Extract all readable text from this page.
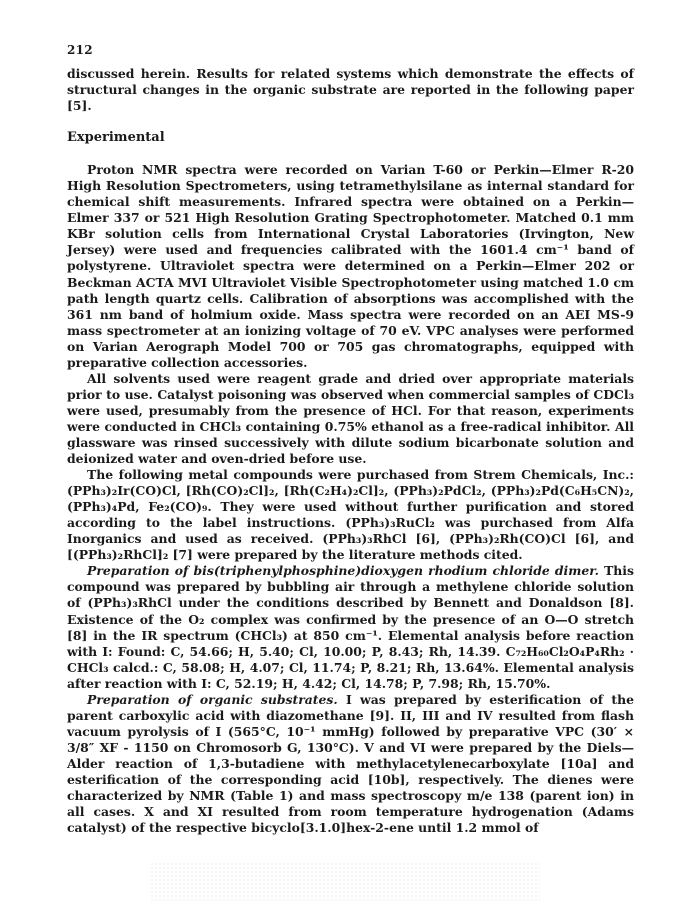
212

discussed herein. Results for related systems which demonstrate the effects of structural changes in the organic substrate are reported in the following paper [5].

Experimental

Proton NMR spectra were recorded on Varian T-60 or Perkin—Elmer R-20 High Resolution Spectrometers, using tetramethylsilane as internal standard for chemical shift measurements. Infrared spectra were obtained on a Perkin—Elmer 337 or 521 High Resolution Grating Spectrophotometer. Matched 0.1 mm KBr solution cells from International Crystal Laboratories (Irvington, New Jersey) were used and frequencies calibrated with the 1601.4 cm⁻¹ band of polystyrene. Ultraviolet spectra were determined on a Perkin—Elmer 202 or Beckman ACTA MVI Ultraviolet Visible Spectrophotometer using matched 1.0 cm path length quartz cells. Calibration of absorptions was accomplished with the 361 nm band of holmium oxide. Mass spectra were recorded on an AEI MS-9 mass spectrometer at an ionizing voltage of 70 eV. VPC analyses were performed on Varian Aerograph Model 700 or 705 gas chromatographs, equipped with preparative collection accessories.

All solvents used were reagent grade and dried over appropriate materials prior to use. Catalyst poisoning was observed when commercial samples of CDCl₃ were used, presumably from the presence of HCl. For that reason, experiments were conducted in CHCl₃ containing 0.75% ethanol as a free-radical inhibitor. All glassware was rinsed successively with dilute sodium bicarbonate solution and deionized water and oven-dried before use.

The following metal compounds were purchased from Strem Chemicals, Inc.: (PPh₃)₂Ir(CO)Cl, [Rh(CO)₂Cl]₂, [Rh(C₂H₄)₂Cl]₂, (PPh₃)₂PdCl₂, (PPh₃)₂Pd(C₆H₅CN)₂, (PPh₃)₄Pd, Fe₂(CO)₉. They were used without further purification and stored according to the label instructions. (PPh₃)₃RuCl₂ was purchased from Alfa Inorganics and used as received. (PPh₃)₃RhCl [6], (PPh₃)₂Rh(CO)Cl [6], and [(PPh₃)₂RhCl]₂ [7] were prepared by the literature methods cited.

Preparation of bis(triphenylphosphine)dioxygen rhodium chloride dimer. This compound was prepared by bubbling air through a methylene chloride solution of (PPh₃)₃RhCl under the conditions described by Bennett and Donaldson [8]. Existence of the O₂ complex was confirmed by the presence of an O—O stretch [8] in the IR spectrum (CHCl₃) at 850 cm⁻¹. Elemental analysis before reaction with I: Found: C, 54.66; H, 5.40; Cl, 10.00; P, 8.43; Rh, 14.39. C₇₂H₆₀Cl₂O₄P₄Rh₂ · CHCl₃ calcd.: C, 58.08; H, 4.07; Cl, 11.74; P, 8.21; Rh, 13.64%. Elemental analysis after reaction with I: C, 52.19; H, 4.42; Cl, 14.78; P, 7.98; Rh, 15.70%.

Preparation of organic substrates. I was prepared by esterification of the parent carboxylic acid with diazomethane [9]. II, III and IV resulted from flash vacuum pyrolysis of I (565°C, 10⁻¹ mmHg) followed by preparative VPC (30′ × 3/8″ XF - 1150 on Chromosorb G, 130°C). V and VI were prepared by the Diels—Alder reaction of 1,3-butadiene with methylacetylenecarboxylate [10a] and esterification of the corresponding acid [10b], respectively. The dienes were characterized by NMR (Table 1) and mass spectroscopy m/e 138 (parent ion) in all cases. X and XI resulted from room temperature hydrogenation (Adams catalyst) of the respective bicyclo[3.1.0]hex-2-ene until 1.2 mmol of
